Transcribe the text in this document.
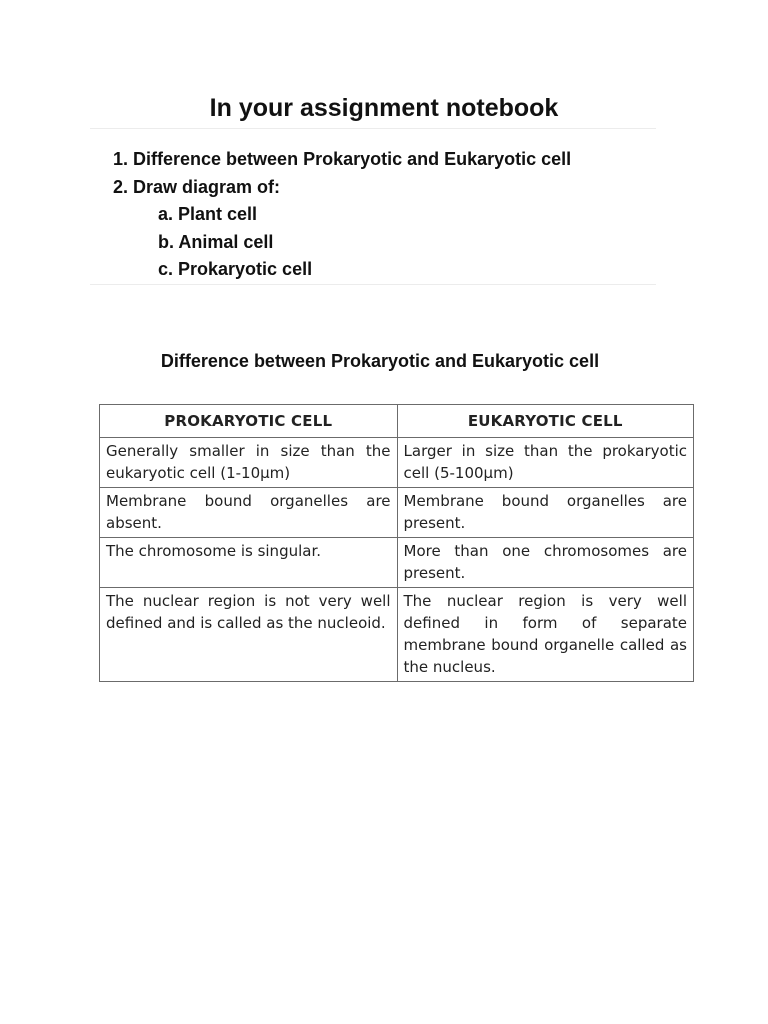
In your assignment notebook
1. Difference between Prokaryotic and Eukaryotic cell
2. Draw diagram of:
a. Plant cell
b. Animal cell
c. Prokaryotic cell
Difference between Prokaryotic and Eukaryotic cell
PROKARYOTIC CELL	EUKARYOTIC CELL
Generally smaller in size than the eukaryotic cell (1-10μm)	Larger in size than the prokaryotic cell (5-100μm)
Membrane bound organelles are absent.	Membrane bound organelles are present.
The chromosome is singular.	More than one chromosomes are present.
The nuclear region is not very well defined and is called as the nucleoid.	The nuclear region is very well defined in form of separate membrane bound organelle called as the nucleus.
